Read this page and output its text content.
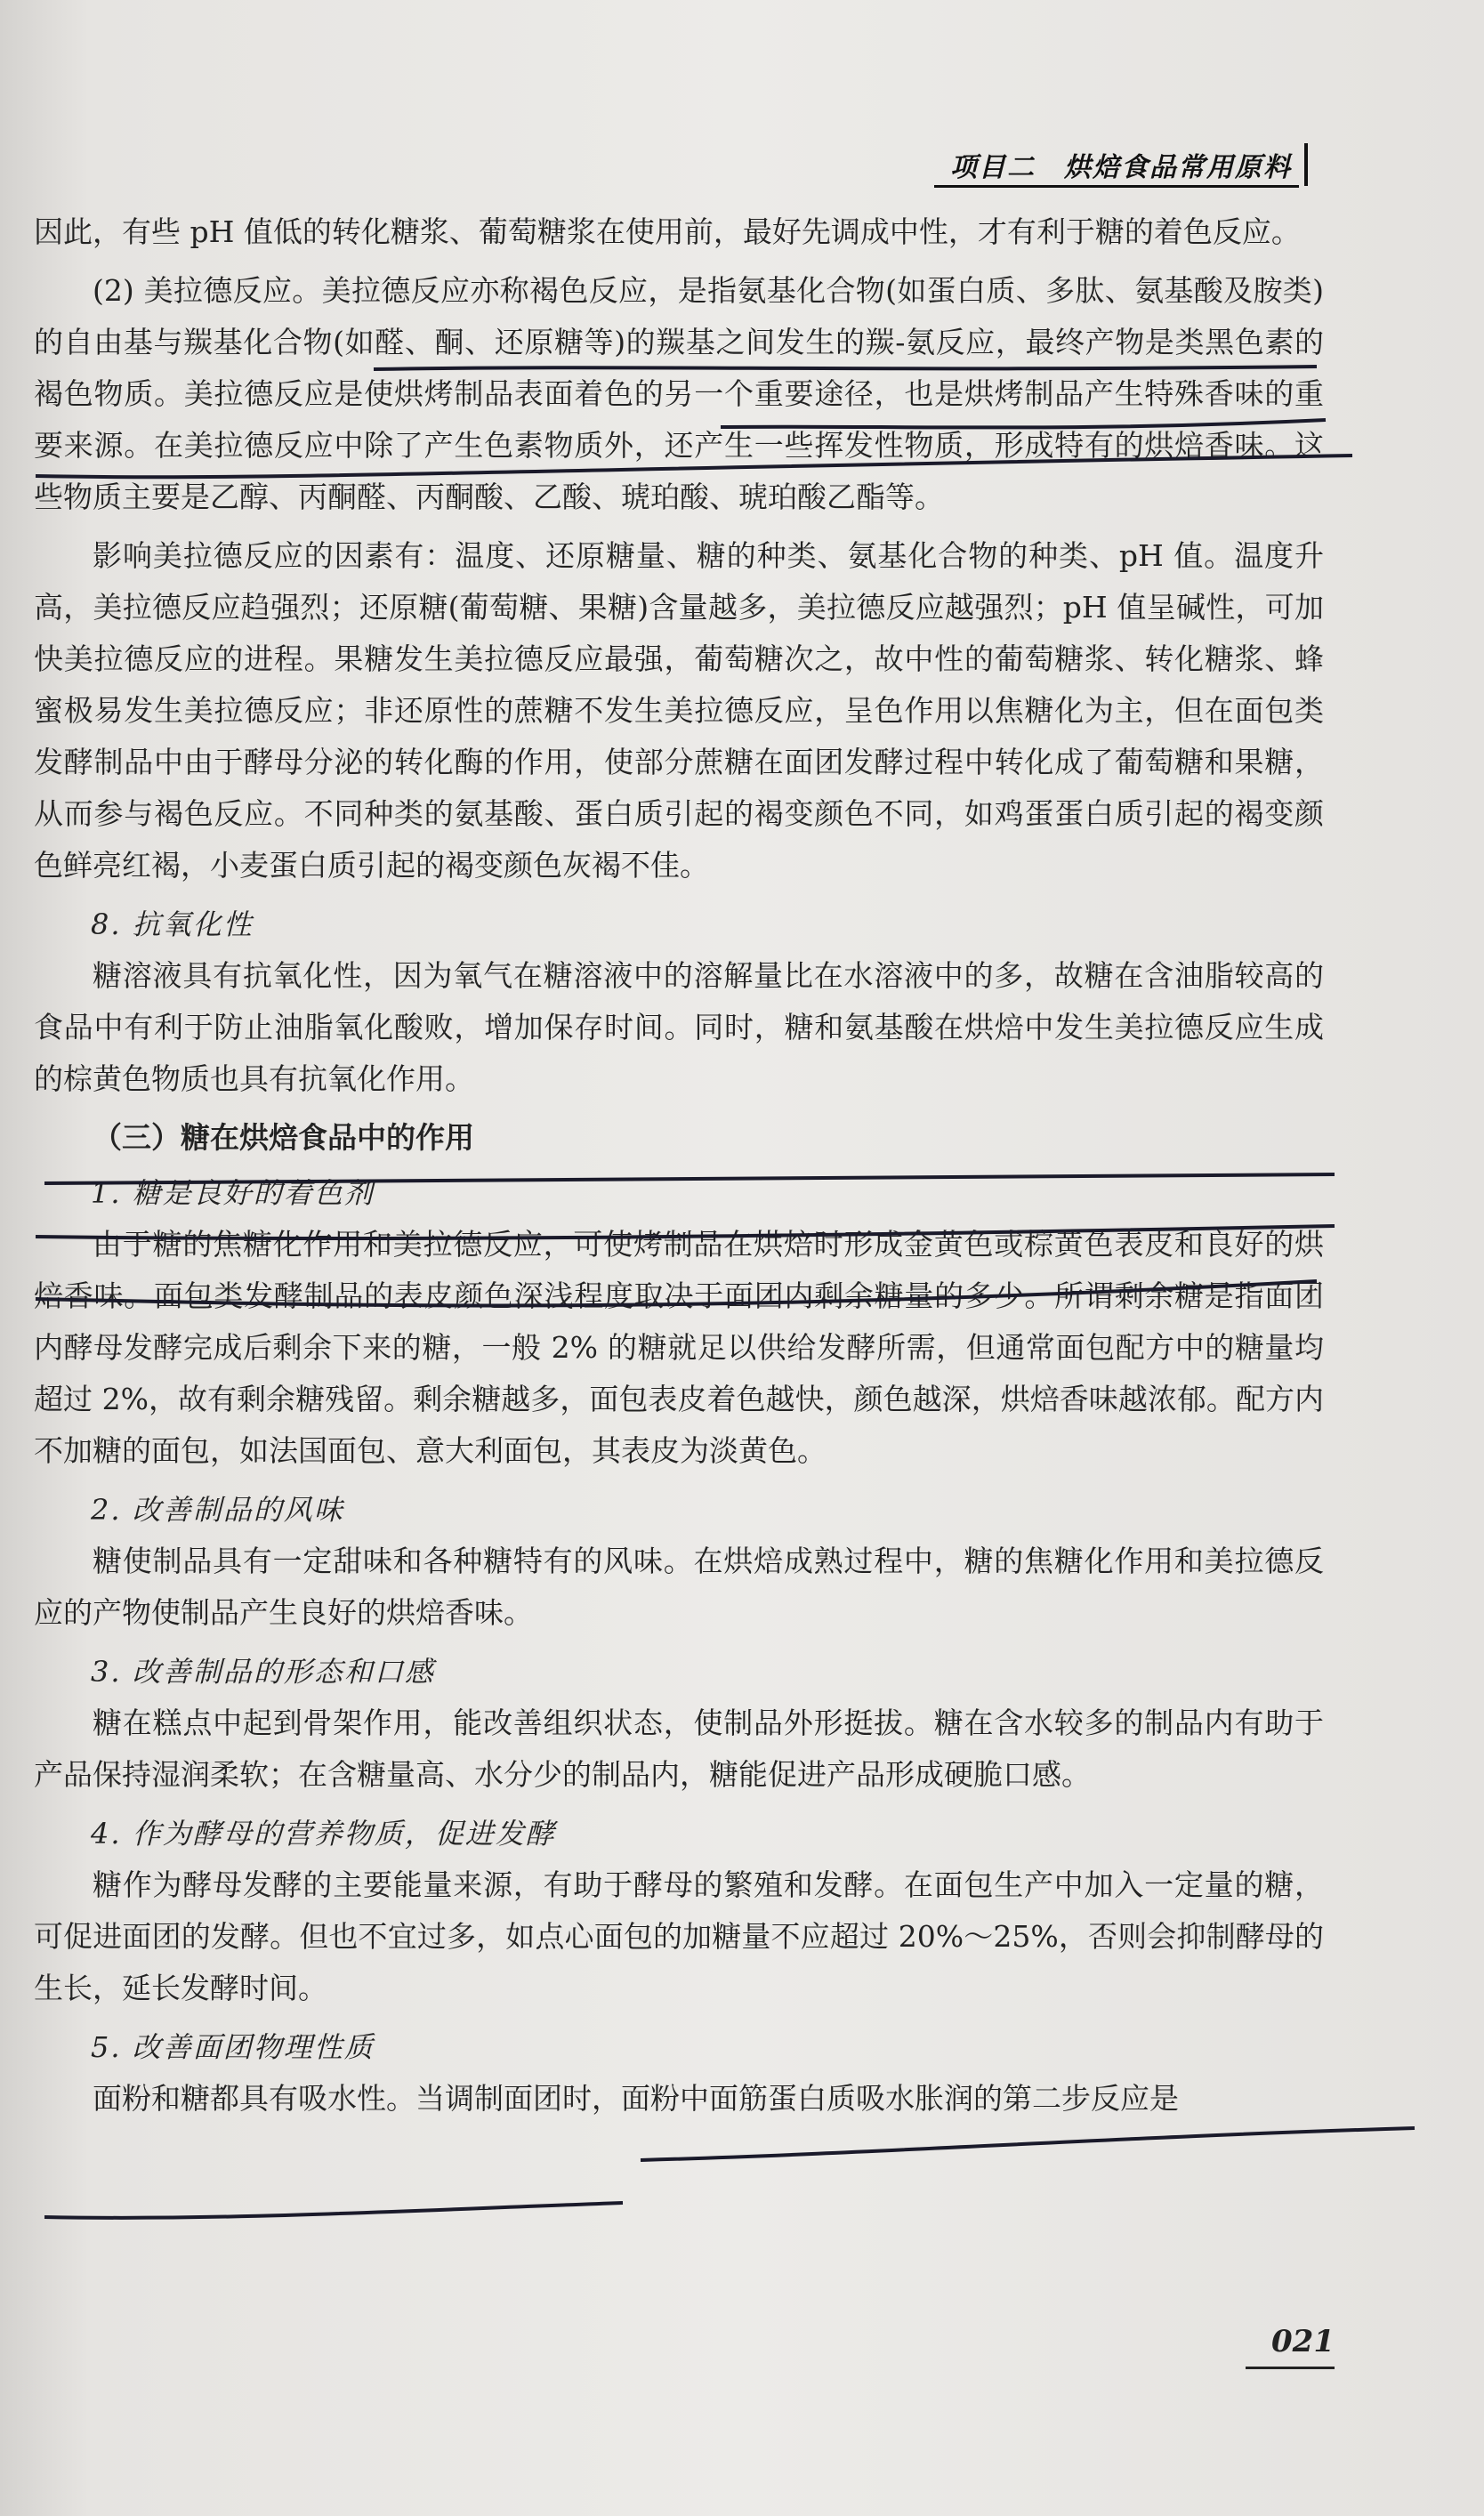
项目二　烘焙食品常用原料

因此，有些 pH 值低的转化糖浆、葡萄糖浆在使用前，最好先调成中性，才有利于糖的着色反应。

(2) 美拉德反应。美拉德反应亦称褐色反应，是指氨基化合物(如蛋白质、多肽、氨基酸及胺类)的自由基与羰基化合物(如醛、酮、还原糖等)的羰基之间发生的羰-氨反应，最终产物是类黑色素的褐色物质。美拉德反应是使烘烤制品表面着色的另一个重要途径，也是烘烤制品产生特殊香味的重要来源。在美拉德反应中除了产生色素物质外，还产生一些挥发性物质，形成特有的烘焙香味。这些物质主要是乙醇、丙酮醛、丙酮酸、乙酸、琥珀酸、琥珀酸乙酯等。

影响美拉德反应的因素有：温度、还原糖量、糖的种类、氨基化合物的种类、pH 值。温度升高，美拉德反应趋强烈；还原糖(葡萄糖、果糖)含量越多，美拉德反应越强烈；pH 值呈碱性，可加快美拉德反应的进程。果糖发生美拉德反应最强，葡萄糖次之，故中性的葡萄糖浆、转化糖浆、蜂蜜极易发生美拉德反应；非还原性的蔗糖不发生美拉德反应，呈色作用以焦糖化为主，但在面包类发酵制品中由于酵母分泌的转化酶的作用，使部分蔗糖在面团发酵过程中转化成了葡萄糖和果糖，从而参与褐色反应。不同种类的氨基酸、蛋白质引起的褐变颜色不同，如鸡蛋蛋白质引起的褐变颜色鲜亮红褐，小麦蛋白质引起的褐变颜色灰褐不佳。

8. 抗氧化性

糖溶液具有抗氧化性，因为氧气在糖溶液中的溶解量比在水溶液中的多，故糖在含油脂较高的食品中有利于防止油脂氧化酸败，增加保存时间。同时，糖和氨基酸在烘焙中发生美拉德反应生成的棕黄色物质也具有抗氧化作用。

（三）糖在烘焙食品中的作用

1. 糖是良好的着色剂

由于糖的焦糖化作用和美拉德反应，可使烤制品在烘焙时形成金黄色或棕黄色表皮和良好的烘焙香味。面包类发酵制品的表皮颜色深浅程度取决于面团内剩余糖量的多少。所谓剩余糖是指面团内酵母发酵完成后剩余下来的糖，一般 2% 的糖就足以供给发酵所需，但通常面包配方中的糖量均超过 2%，故有剩余糖残留。剩余糖越多，面包表皮着色越快，颜色越深，烘焙香味越浓郁。配方内不加糖的面包，如法国面包、意大利面包，其表皮为淡黄色。

2. 改善制品的风味

糖使制品具有一定甜味和各种糖特有的风味。在烘焙成熟过程中，糖的焦糖化作用和美拉德反应的产物使制品产生良好的烘焙香味。

3. 改善制品的形态和口感

糖在糕点中起到骨架作用，能改善组织状态，使制品外形挺拔。糖在含水较多的制品内有助于产品保持湿润柔软；在含糖量高、水分少的制品内，糖能促进产品形成硬脆口感。

4. 作为酵母的营养物质，促进发酵

糖作为酵母发酵的主要能量来源，有助于酵母的繁殖和发酵。在面包生产中加入一定量的糖，可促进面团的发酵。但也不宜过多，如点心面包的加糖量不应超过 20%～25%，否则会抑制酵母的生长，延长发酵时间。

5. 改善面团物理性质

面粉和糖都具有吸水性。当调制面团时，面粉中面筋蛋白质吸水胀润的第二步反应是

021
